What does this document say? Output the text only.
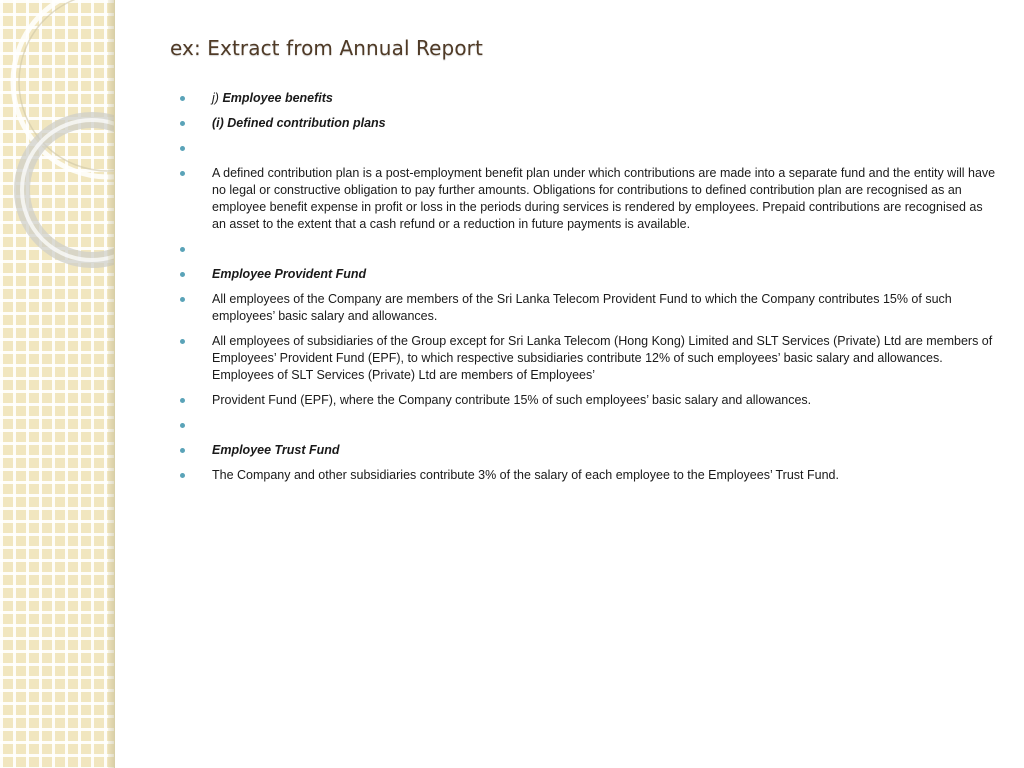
ex: Extract from Annual Report
j) Employee benefits
(i) Defined contribution plans
A defined contribution plan is a post-employment benefit plan under which contributions are made into a separate fund and the entity will have no legal or constructive obligation to pay further amounts. Obligations for contributions to defined contribution plan are recognised as an employee benefit expense in profit or loss in the periods during services is rendered by employees. Prepaid contributions are recognised as an asset to the extent that a cash refund or a reduction in future payments is available.
Employee Provident Fund
All employees of the Company are members of the Sri Lanka Telecom Provident Fund to which the Company contributes 15% of such employees’ basic salary and allowances.
All employees of subsidiaries of the Group except for Sri Lanka Telecom (Hong Kong) Limited and SLT Services (Private) Ltd are members of Employees’ Provident Fund (EPF), to which respective subsidiaries contribute 12% of such employees’ basic salary and allowances. Employees of SLT Services (Private) Ltd are members of Employees’
Provident Fund (EPF), where the Company contribute 15% of such employees’ basic salary and allowances.
Employee Trust Fund
The Company and other subsidiaries contribute 3% of the salary of each employee to the Employees’ Trust Fund.
